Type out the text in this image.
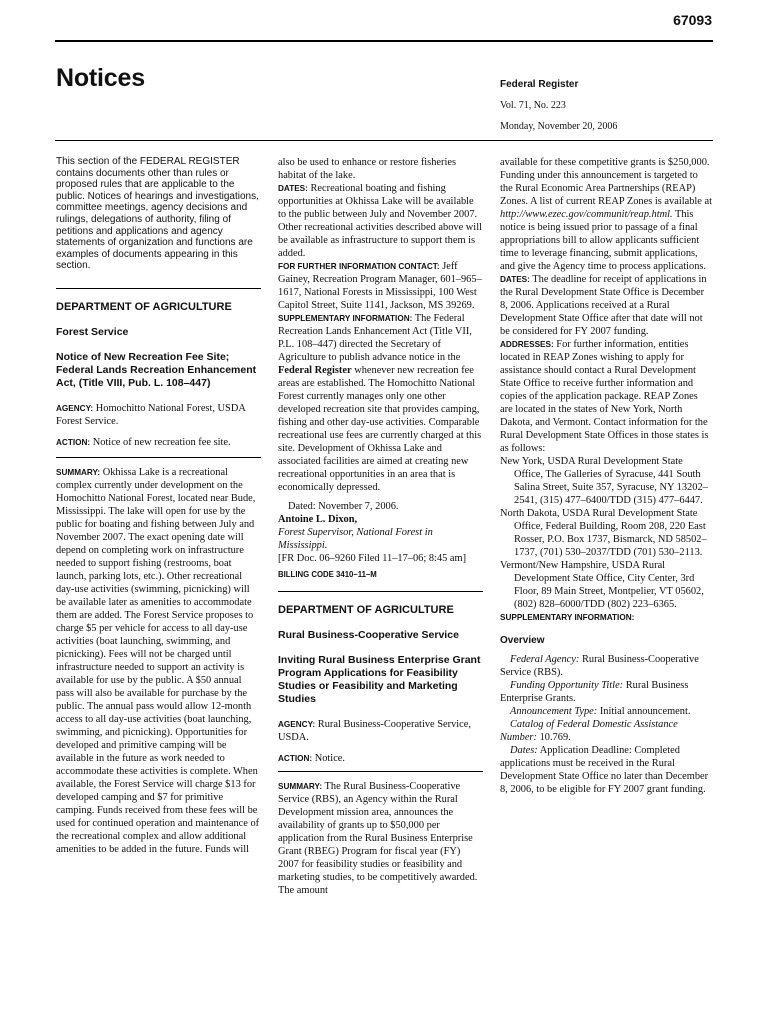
67093
Notices	Federal Register
Vol. 71, No. 223
Monday, November 20, 2006

This section of the FEDERAL REGISTER contains documents other than rules or proposed rules that are applicable to the public. Notices of hearings and investigations, committee meetings, agency decisions and rulings, delegations of authority, filing of petitions and applications and agency statements of organization and functions are examples of documents appearing in this section.

DEPARTMENT OF AGRICULTURE
Forest Service
Notice of New Recreation Fee Site; Federal Lands Recreation Enhancement Act, (Title VIII, Pub. L. 108–447)

AGENCY: Homochitto National Forest, USDA Forest Service.

ACTION: Notice of new recreation fee site.

SUMMARY: Okhissa Lake is a recreational complex currently under development on the Homochitto National Forest, located near Bude, Mississippi. The lake will open for use by the public for boating and fishing between July and November 2007. The exact opening date will depend on completing work on infrastructure needed to support fishing (restrooms, boat launch, parking lots, etc.). Other recreational day-use activities (swimming, picnicking) will be available later as amenities to accommodate them are added. The Forest Service proposes to charge $5 per vehicle for access to all day-use activities (boat launching, swimming, and picnicking). Fees will not be charged until infrastructure needed to support an activity is available for use by the public. A $50 annual pass will also be available for purchase by the public. The annual pass would allow 12-month access to all day-use activities (boat launching, swimming, and picnicking). Opportunities for developed and primitive camping will be available in the future as work needed to accommodate these activities is complete. When available, the Forest Service will charge $13 for developed camping and $7 for primitive camping. Funds received from these fees will be used for continued operation and maintenance of the recreational complex and allow additional amenities to be added in the future. Funds will

also be used to enhance or restore fisheries habitat of the lake.

DATES: Recreational boating and fishing opportunities at Okhissa Lake will be available to the public between July and November 2007. Other recreational activities described above will be available as infrastructure to support them is added.

FOR FURTHER INFORMATION CONTACT: Jeff Gainey, Recreation Program Manager, 601–965–1617, National Forests in Mississippi, 100 West Capitol Street, Suite 1141, Jackson, MS 39269.

SUPPLEMENTARY INFORMATION: The Federal Recreation Lands Enhancement Act (Title VII, P.L. 108–447) directed the Secretary of Agriculture to publish advance notice in the Federal Register whenever new recreation fee areas are established. The Homochitto National Forest currently manages only one other developed recreation site that provides camping, fishing and other day-use activities. Comparable recreational use fees are currently charged at this site. Development of Okhissa Lake and associated facilities are aimed at creating new recreational opportunities in an area that is economically depressed.

Dated: November 7, 2006.

Antoine L. Dixon,

Forest Supervisor, National Forest in Mississippi.

[FR Doc. 06–9260 Filed 11–17–06; 8:45 am]

BILLING CODE 3410–11–M
DEPARTMENT OF AGRICULTURE
Rural Business-Cooperative Service
Inviting Rural Business Enterprise Grant Program Applications for Feasibility Studies or Feasibility and Marketing Studies

AGENCY: Rural Business-Cooperative Service, USDA.

ACTION: Notice.

SUMMARY: The Rural Business-Cooperative Service (RBS), an Agency within the Rural Development mission area, announces the availability of grants up to $50,000 per application from the Rural Business Enterprise Grant (RBEG) Program for fiscal year (FY) 2007 for feasibility studies or feasibility and marketing studies, to be competitively awarded. The amount

available for these competitive grants is $250,000. Funding under this announcement is targeted to the Rural Economic Area Partnerships (REAP) Zones. A list of current REAP Zones is available at http://www.ezec.gov/communit/reap.html. This notice is being issued prior to passage of a final appropriations bill to allow applicants sufficient time to leverage financing, submit applications, and give the Agency time to process applications.

DATES: The deadline for receipt of applications in the Rural Development State Office is December 8, 2006. Applications received at a Rural Development State Office after that date will not be considered for FY 2007 funding.

ADDRESSES: For further information, entities located in REAP Zones wishing to apply for assistance should contact a Rural Development State Office to receive further information and copies of the application package. REAP Zones are located in the states of New York, North Dakota, and Vermont. Contact information for the Rural Development State Offices in those states is as follows:

New York, USDA Rural Development State Office, The Galleries of Syracuse, 441 South Salina Street, Suite 357, Syracuse, NY 13202–2541, (315) 477–6400/TDD (315) 477–6447.

North Dakota, USDA Rural Development State Office, Federal Building, Room 208, 220 East Rosser, P.O. Box 1737, Bismarck, ND 58502–1737, (701) 530–2037/TDD (701) 530–2113.

Vermont/New Hampshire, USDA Rural Development State Office, City Center, 3rd Floor, 89 Main Street, Montpelier, VT 05602, (802) 828–6000/TDD (802) 223–6365.

SUPPLEMENTARY INFORMATION:
Overview

Federal Agency: Rural Business-Cooperative Service (RBS).

Funding Opportunity Title: Rural Business Enterprise Grants.

Announcement Type: Initial announcement.

Catalog of Federal Domestic Assistance Number: 10.769.

Dates: Application Deadline: Completed applications must be received in the Rural Development State Office no later than December 8, 2006, to be eligible for FY 2007 grant funding.
